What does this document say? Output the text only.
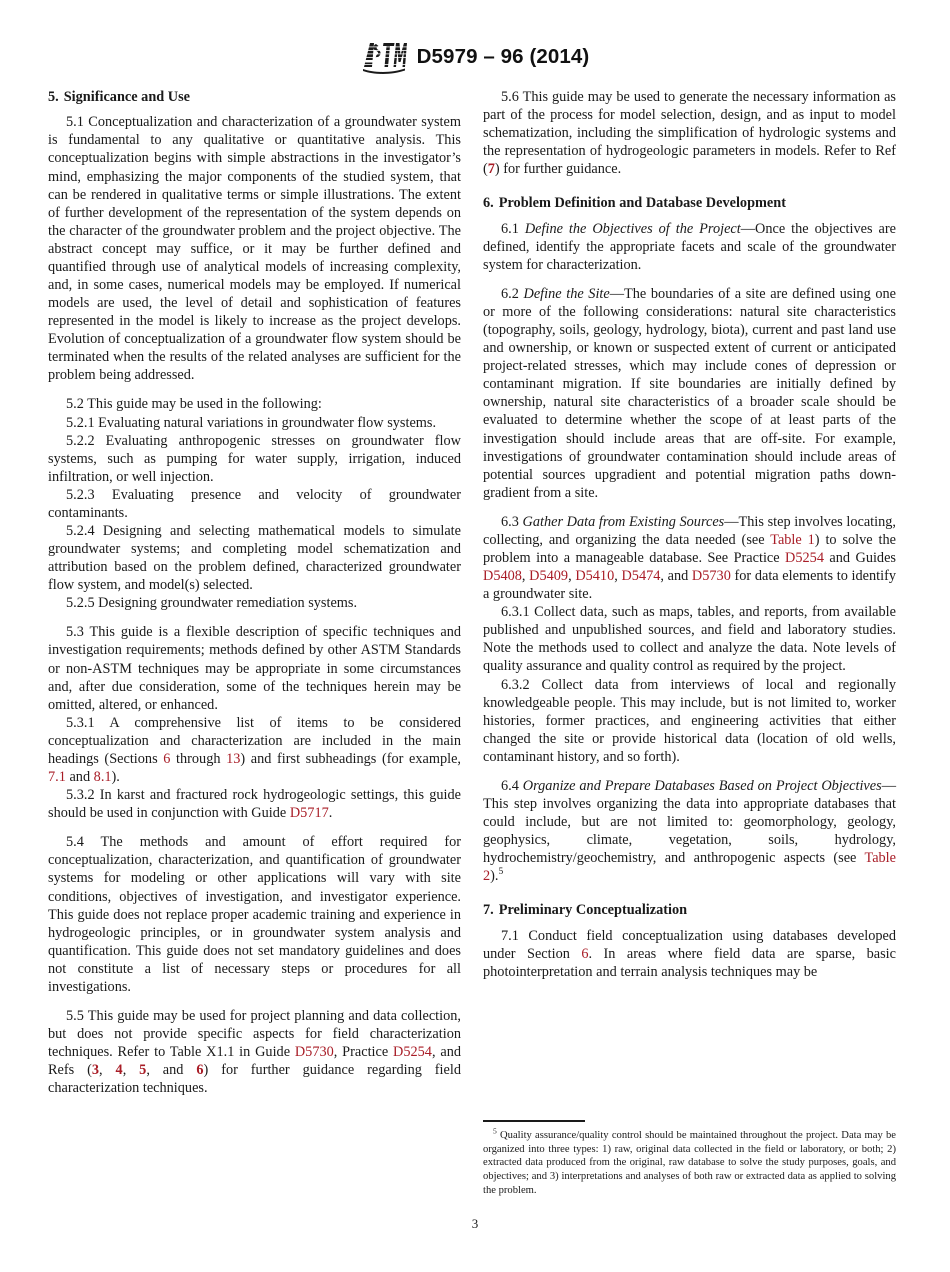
D5979 – 96 (2014)
5. Significance and Use

5.1 Conceptualization and characterization of a groundwater system is fundamental to any qualitative or quantitative analysis. This conceptualization begins with simple abstractions in the investigator’s mind, emphasizing the major components of the studied system, that can be rendered in qualitative terms or simple illustrations. The extent of further development of the representation of the system depends on the character of the groundwater problem and the project objective. The abstract concept may suffice, or it may be further defined and quantified through use of analytical models of increasing complexity, and, in some cases, numerical models may be employed. If numerical models are used, the level of detail and sophistication of features represented in the model is likely to increase as the project develops. Evolution of conceptualization of a groundwater flow system should be terminated when the results of the related analyses are sufficient for the problem being addressed.

5.2 This guide may be used in the following:

5.2.1 Evaluating natural variations in groundwater flow systems.

5.2.2 Evaluating anthropogenic stresses on groundwater flow systems, such as pumping for water supply, irrigation, induced infiltration, or well injection.

5.2.3 Evaluating presence and velocity of groundwater contaminants.

5.2.4 Designing and selecting mathematical models to simulate groundwater systems; and completing model schematization and attribution based on the problem defined, characterized groundwater flow system, and model(s) selected.

5.2.5 Designing groundwater remediation systems.

5.3 This guide is a flexible description of specific techniques and investigation requirements; methods defined by other ASTM Standards or non-ASTM techniques may be appropriate in some circumstances and, after due consideration, some of the techniques herein may be omitted, altered, or enhanced.

5.3.1 A comprehensive list of items to be considered conceptualization and characterization are included in the main headings (Sections 6 through 13) and first subheadings (for example, 7.1 and 8.1).

5.3.2 In karst and fractured rock hydrogeologic settings, this guide should be used in conjunction with Guide D5717.

5.4 The methods and amount of effort required for conceptualization, characterization, and quantification of groundwater systems for modeling or other applications will vary with site conditions, objectives of investigation, and investigator experience. This guide does not replace proper academic training and experience in hydrogeologic principles, or in groundwater system analysis and quantification. This guide does not set mandatory guidelines and does not constitute a list of necessary steps or procedures for all investigations.

5.5 This guide may be used for project planning and data collection, but does not provide specific aspects for field characterization techniques. Refer to Table X1.1 in Guide D5730, Practice D5254, and Refs (3, 4, 5, and 6) for further guidance regarding field characterization techniques.

5.6 This guide may be used to generate the necessary information as part of the process for model selection, design, and as input to model schematization, including the simplification of hydrologic systems and the representation of hydrogeologic parameters in models. Refer to Ref (7) for further guidance.

6. Problem Definition and Database Development

6.1 Define the Objectives of the Project—Once the objectives are defined, identify the appropriate facets and scale of the groundwater system for characterization.

6.2 Define the Site—The boundaries of a site are defined using one or more of the following considerations: natural site characteristics (topography, soils, geology, hydrology, biota), current and past land use and ownership, or known or suspected extent of current or anticipated project-related stresses, which may include cones of depression or contaminant migration. If site boundaries are initially defined by ownership, natural site characteristics of a broader scale should be evaluated to determine whether the scope of at least parts of the investigation should include areas that are off-site. For example, investigations of groundwater contamination should include areas of potential sources upgradient and potential migration paths down-gradient from a site.

6.3 Gather Data from Existing Sources—This step involves locating, collecting, and organizing the data needed (see Table 1) to solve the problem into a manageable database. See Practice D5254 and Guides D5408, D5409, D5410, D5474, and D5730 for data elements to identify a groundwater site.

6.3.1 Collect data, such as maps, tables, and reports, from available published and unpublished sources, and field and laboratory studies. Note the methods used to collect and analyze the data. Note levels of quality assurance and quality control as required by the project.

6.3.2 Collect data from interviews of local and regionally knowledgeable people. This may include, but is not limited to, worker histories, former practices, and engineering activities that either changed the site or provide historical data (location of old wells, contaminant history, and so forth).

6.4 Organize and Prepare Databases Based on Project Objectives—This step involves organizing the data into appropriate databases that could include, but are not limited to: geomorphology, geology, geophysics, climate, vegetation, soils, hydrology, hydrochemistry/geochemistry, and anthropogenic aspects (see Table 2).$^5$

7. Preliminary Conceptualization

7.1 Conduct field conceptualization using databases developed under Section 6. In areas where field data are sparse, basic photointerpretation and terrain analysis techniques may be

$^5$ Quality assurance/quality control should be maintained throughout the project. Data may be organized into three types: 1) raw, original data collected in the field or laboratory, or both; 2) extracted data produced from the original, raw database to solve the study purposes, goals, and objectives; and 3) interpretations and analyses of both raw or extracted data as applied to solving the problem.

3
